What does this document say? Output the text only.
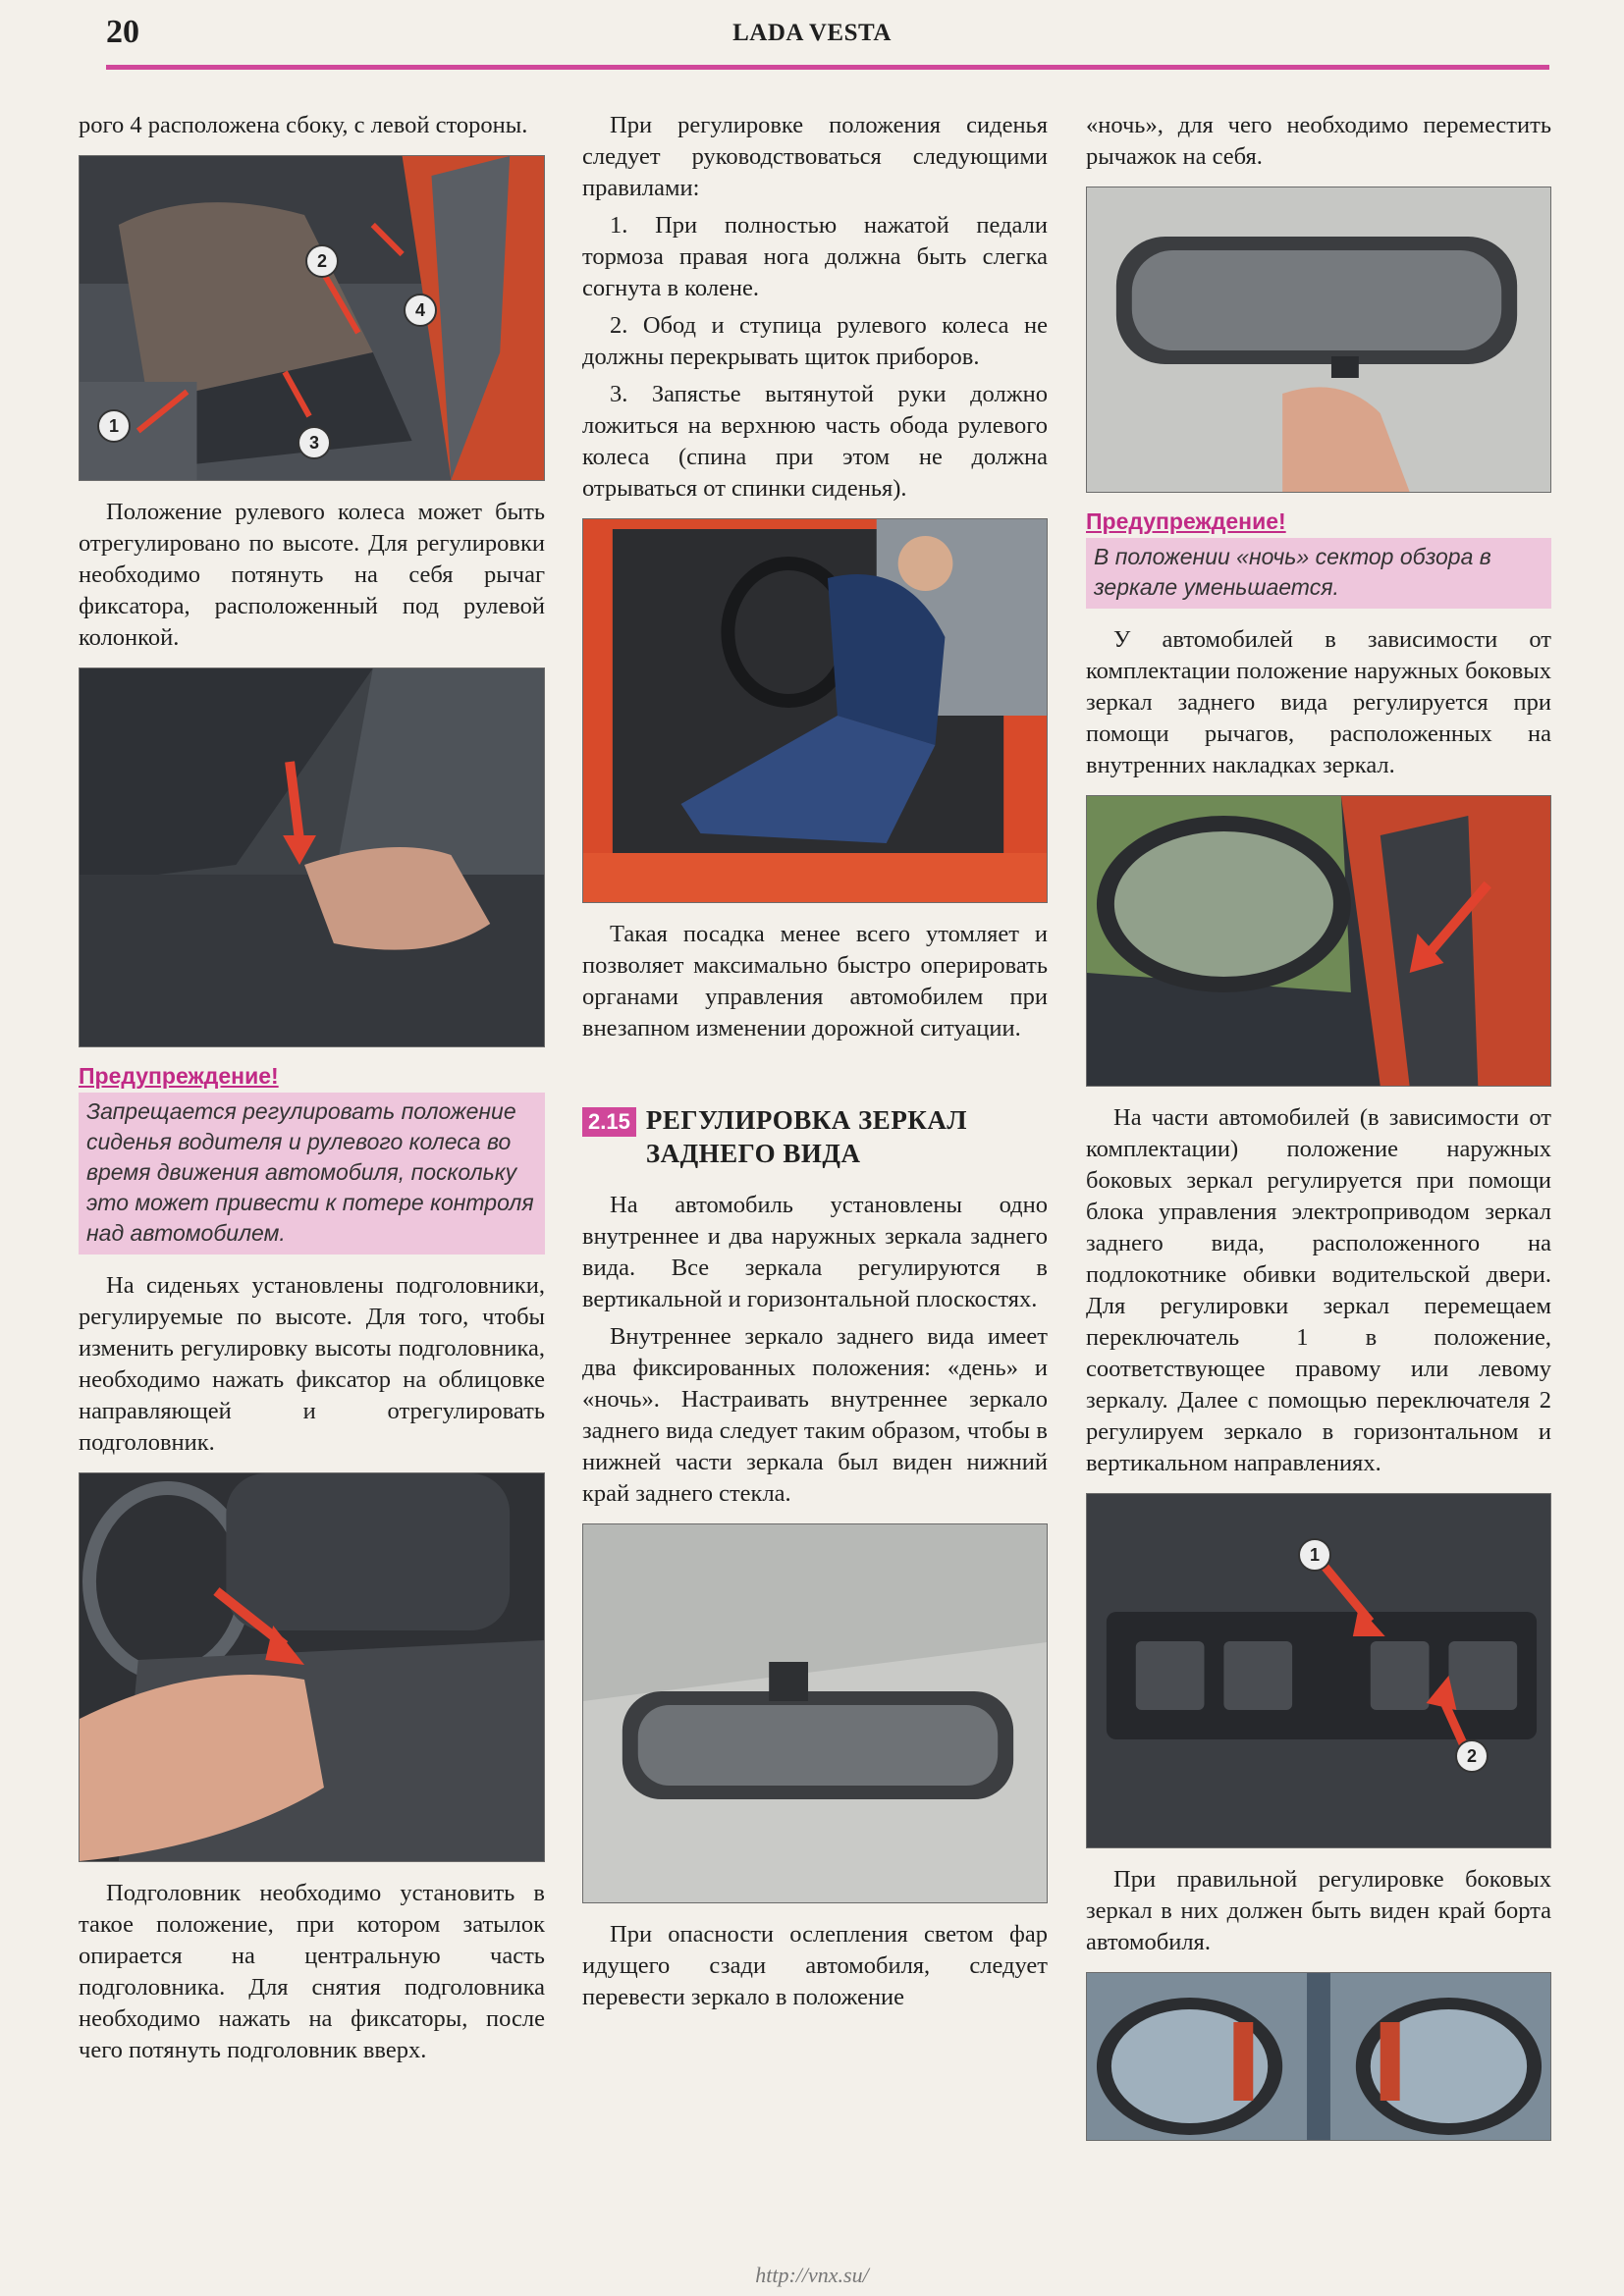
20	LADA VESTA

рого 4 расположена сбоку, с левой стороны.

1
2
3
4

Положение рулевого колеса может быть отрегулировано по высоте. Для регулировки необходимо потянуть на себя рычаг фиксатора, расположенный под рулевой колонкой.

Предупреждение!

Запрещается регулировать положение сиденья водителя и рулевого колеса во время движения автомобиля, поскольку это может привести к потере контроля над автомобилем.

На сиденьях установлены подголовники, регулируемые по высоте. Для того, чтобы изменить регулировку высоты подголовника, необходимо нажать фиксатор на облицовке направляющей и отрегулировать подголовник.

Подголовник необходимо установить в такое положение, при котором затылок опирается на центральную часть подголовника. Для снятия подголовника необходимо нажать на фиксаторы, после чего потянуть подголовник вверх.

При регулировке положения сиденья следует руководствоваться следующими правилами:

1. При полностью нажатой педали тормоза правая нога должна быть слегка согнута в колене.

2. Обод и ступица рулевого колеса не должны перекрывать щиток приборов.

3. Запястье вытянутой руки должно ложиться на верхнюю часть обода рулевого колеса (спина при этом не должна отрываться от спинки сиденья).

Такая посадка менее всего утомляет и позволяет максимально быстро оперировать органами управления автомобилем при внезапном изменении дорожной ситуации.

2.15 РЕГУЛИРОВКА ЗЕРКАЛ ЗАДНЕГО ВИДА

На автомобиль установлены одно внутреннее и два наружных зеркала заднего вида. Все зеркала регулируются в вертикальной и горизонтальной плоскостях.

Внутреннее зеркало заднего вида имеет два фиксированных положения: «день» и «ночь». Настраивать внутреннее зеркало заднего вида следует таким образом, чтобы в нижней части зеркала был виден нижний край заднего стекла.

При опасности ослепления светом фар идущего сзади автомобиля, следует перевести зеркало в положение

«ночь», для чего необходимо переместить рычажок на себя.

Предупреждение!

В положении «ночь» сектор обзора в зеркале уменьшается.

У автомобилей в зависимости от комплектации положение наружных боковых зеркал заднего вида регулируется при помощи рычагов, расположенных на внутренних накладках зеркал.

На части автомобилей (в зависимости от комплектации) положение наружных боковых зеркал регулируется при помощи блока управления электроприводом зеркал заднего вида, расположенного на подлокотнике обивки водительской двери. Для регулировки зеркал перемещаем переключатель 1 в положение, соответствующее правому или левому зеркалу. Далее с помощью переключателя 2 регулируем зеркало в горизонтальном и вертикальном направлениях.

1
2

При правильной регулировке боковых зеркал в них должен быть виден край борта автомобиля.

http://vnx.su/
